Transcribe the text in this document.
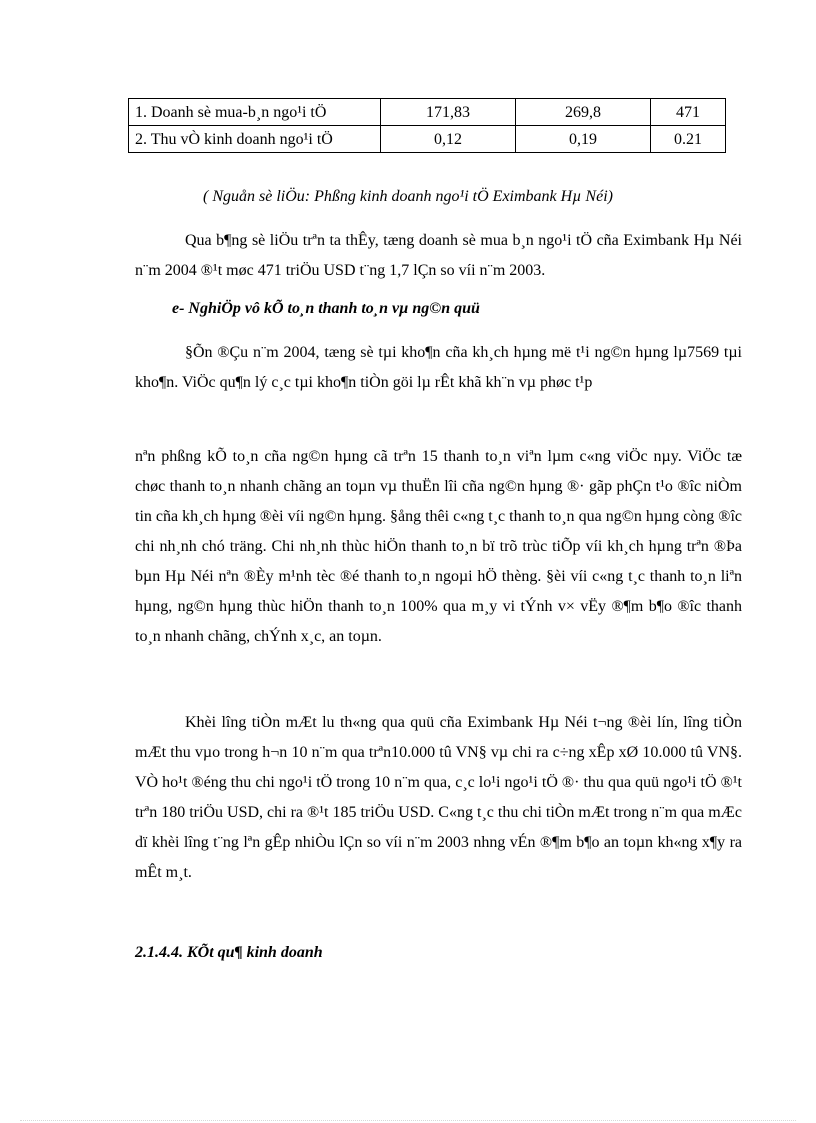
1. Doanh sè mua-b¸n ngo¹i tÖ	171,83	269,8	471
2. Thu vÒ kinh doanh ngo¹i tÖ	0,12	0,19	0.21
( Nguån sè liÖu: Phßng kinh doanh ngo¹i tÖ Eximbank Hµ Néi)

Qua b¶ng sè liÖu trªn ta thÊy, tæng doanh sè mua b¸n ngo¹i tÖ cña Eximbank Hµ Néi n¨m 2004 ®¹t møc 471 triÖu USD t¨ng 1,7 lÇn so víi n¨m 2003.

e- NghiÖp vô kÕ to¸n thanh to¸n vµ ng©n quü

§Õn ®Çu n¨m 2004, tæng sè tµi kho¶n cña kh¸ch hµng më t¹i ng©n hµng lµ7569 tµi kho¶n. ViÖc qu¶n lý c¸c tµi kho¶n tiÒn göi lµ rÊt khã kh¨n vµ phøc t¹p

nªn phßng kÕ to¸n cña ng©n hµng cã trªn 15 thanh to¸n viªn lµm c«ng viÖc nµy. ViÖc tæ chøc thanh to¸n nhanh chãng an toµn vµ thuËn lîi cña ng©n hµng ®· gãp phÇn t¹o ®îc niÒm tin cña kh¸ch hµng ®èi víi ng©n hµng. §ång thêi c«ng t¸c thanh to¸n qua ng©n hµng còng ®îc chi nh¸nh chó träng. Chi nh¸nh thùc hiÖn thanh to¸n bï trõ trùc tiÕp víi kh¸ch hµng trªn ®Þa bµn Hµ Néi nªn ®Èy m¹nh tèc ®é thanh to¸n ngoµi hÖ thèng. §èi víi c«ng t¸c thanh to¸n liªn hµng, ng©n hµng thùc hiÖn thanh to¸n 100% qua m¸y vi tÝnh v× vËy ®¶m b¶o ®îc thanh to¸n nhanh chãng, chÝnh x¸c, an toµn.

Khèi lîng tiÒn mÆt lu th«ng qua quü cña Eximbank Hµ Néi t¬ng ®èi lín, lîng tiÒn mÆt thu vµo trong h¬n 10 n¨m qua trªn10.000 tû VN§ vµ chi ra c÷ng xÊp xØ 10.000 tû VN§. VÒ ho¹t ®éng thu chi ngo¹i tÖ trong 10 n¨m qua, c¸c lo¹i ngo¹i tÖ ®· thu qua quü ngo¹i tÖ ®¹t trªn 180 triÖu USD, chi ra ®¹t 185 triÖu USD. C«ng t¸c thu chi tiÒn mÆt trong n¨m qua mÆc dï khèi lîng t¨ng lªn gÊp nhiÒu lÇn so víi n¨m 2003 nhng vÉn ®¶m b¶o an toµn kh«ng x¶y ra mÊt m¸t.

2.1.4.4. KÕt qu¶ kinh doanh
